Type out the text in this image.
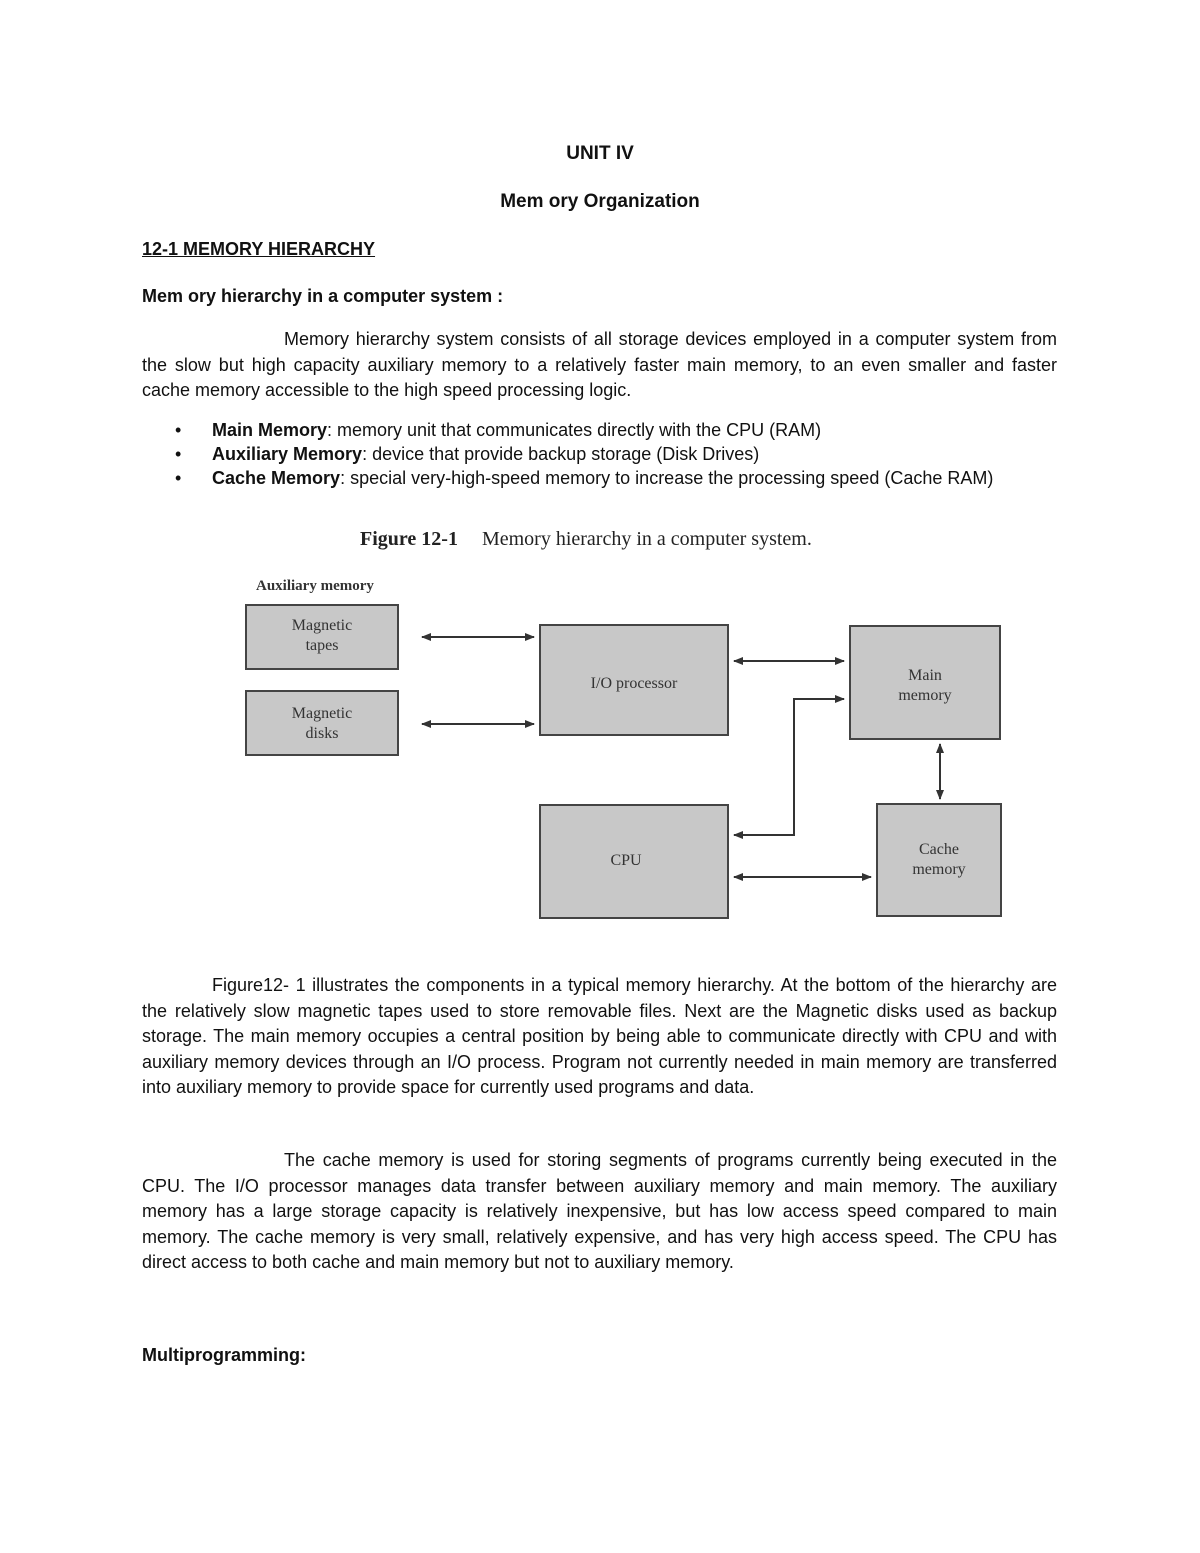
UNIT IV
Mem ory Organization
12-1 MEMORY HIERARCHY
Mem ory hierarchy in a computer system :

Memory hierarchy system consists of all storage devices employed in a computer system from the slow but high capacity auxiliary memory to a relatively faster main memory, to an even smaller and faster cache memory accessible to the high speed processing logic.

• Main Memory: memory unit that communicates directly with the CPU (RAM)
• Auxiliary Memory: device that provide backup storage (Disk Drives)
• Cache Memory: special very-high-speed memory to increase the processing speed (Cache RAM)
Figure 12-1 Memory hierarchy in a computer system.
Auxiliary memory
Magnetic
tapes
Magnetic
disks
I/O processor	Main
memory
CPU
Cache
memory

Figure12- 1 illustrates the components in a typical memory hierarchy. At the bottom of the hierarchy are the relatively slow magnetic tapes used to store removable files. Next are the Magnetic disks used as backup storage. The main memory occupies a central position by being able to communicate directly with CPU and with auxiliary memory devices through an I/O process. Program not currently needed in main memory are transferred into auxiliary memory to provide space for currently used programs and data.

The cache memory is used for storing segments of programs currently being executed in the CPU. The I/O processor manages data transfer between auxiliary memory and main memory. The auxiliary memory has a large storage capacity is relatively inexpensive, but has low access speed compared to main memory. The cache memory is very small, relatively expensive, and has very high access speed. The CPU has direct access to both cache and main memory but not to auxiliary memory.

Multiprogramming:
